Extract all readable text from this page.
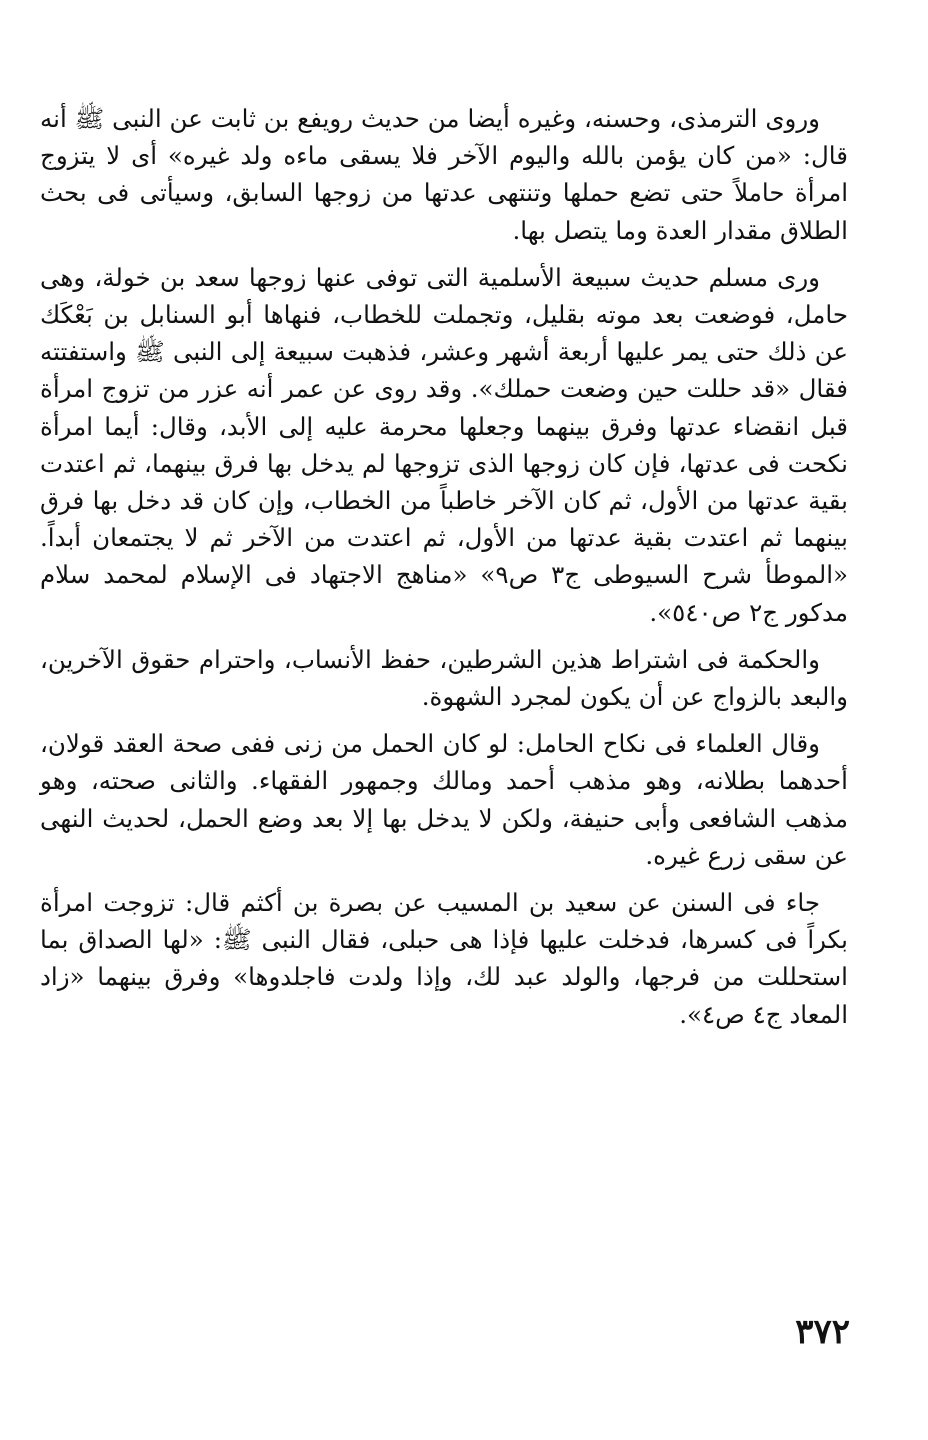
وروى الترمذى، وحسنه، وغيره أيضا من حديث رويفع بن ثابت عن النبى ﷺ أنه قال: «من كان يؤمن بالله واليوم الآخر فلا يسقى ماءه ولد غيره» أى لا يتزوج امرأة حاملاً حتى تضع حملها وتنتهى عدتها من زوجها السابق، وسيأتى فى بحث الطلاق مقدار العدة وما يتصل بها.

ورى مسلم حديث سبيعة الأسلمية التى توفى عنها زوجها سعد بن خولة، وهى حامل، فوضعت بعد موته بقليل، وتجملت للخطاب، فنهاها أبو السنابل بن بَعْكَك عن ذلك حتى يمر عليها أربعة أشهر وعشر، فذهبت سبيعة إلى النبى ﷺ واستفتته فقال «قد حللت حين وضعت حملك». وقد روى عن عمر أنه عزر من تزوج امرأة قبل انقضاء عدتها وفرق بينهما وجعلها محرمة عليه إلى الأبد، وقال: أيما امرأة نكحت فى عدتها، فإن كان زوجها الذى تزوجها لم يدخل بها فرق بينهما، ثم اعتدت بقية عدتها من الأول، ثم كان الآخر خاطباً من الخطاب، وإن كان قد دخل بها فرق بينهما ثم اعتدت بقية عدتها من الأول، ثم اعتدت من الآخر ثم لا يجتمعان أبداً. «الموطأ شرح السيوطى ج٣ ص٩» «مناهج الاجتهاد فى الإسلام لمحمد سلام مدكور ج٢ ص٥٤٠».

والحكمة فى اشتراط هذين الشرطين، حفظ الأنساب، واحترام حقوق الآخرين، والبعد بالزواج عن أن يكون لمجرد الشهوة.

وقال العلماء فى نكاح الحامل: لو كان الحمل من زنى ففى صحة العقد قولان، أحدهما بطلانه، وهو مذهب أحمد ومالك وجمهور الفقهاء. والثانى صحته، وهو مذهب الشافعى وأبى حنيفة، ولكن لا يدخل بها إلا بعد وضع الحمل، لحديث النهى عن سقى زرع غيره.

جاء فى السنن عن سعيد بن المسيب عن بصرة بن أكثم قال: تزوجت امرأة بكراً فى كسرها، فدخلت عليها فإذا هى حبلى، فقال النبى ﷺ: «لها الصداق بما استحللت من فرجها، والولد عبد لك، وإذا ولدت فاجلدوها» وفرق بينهما «زاد المعاد ج٤ ص٤».

٣٧٢
